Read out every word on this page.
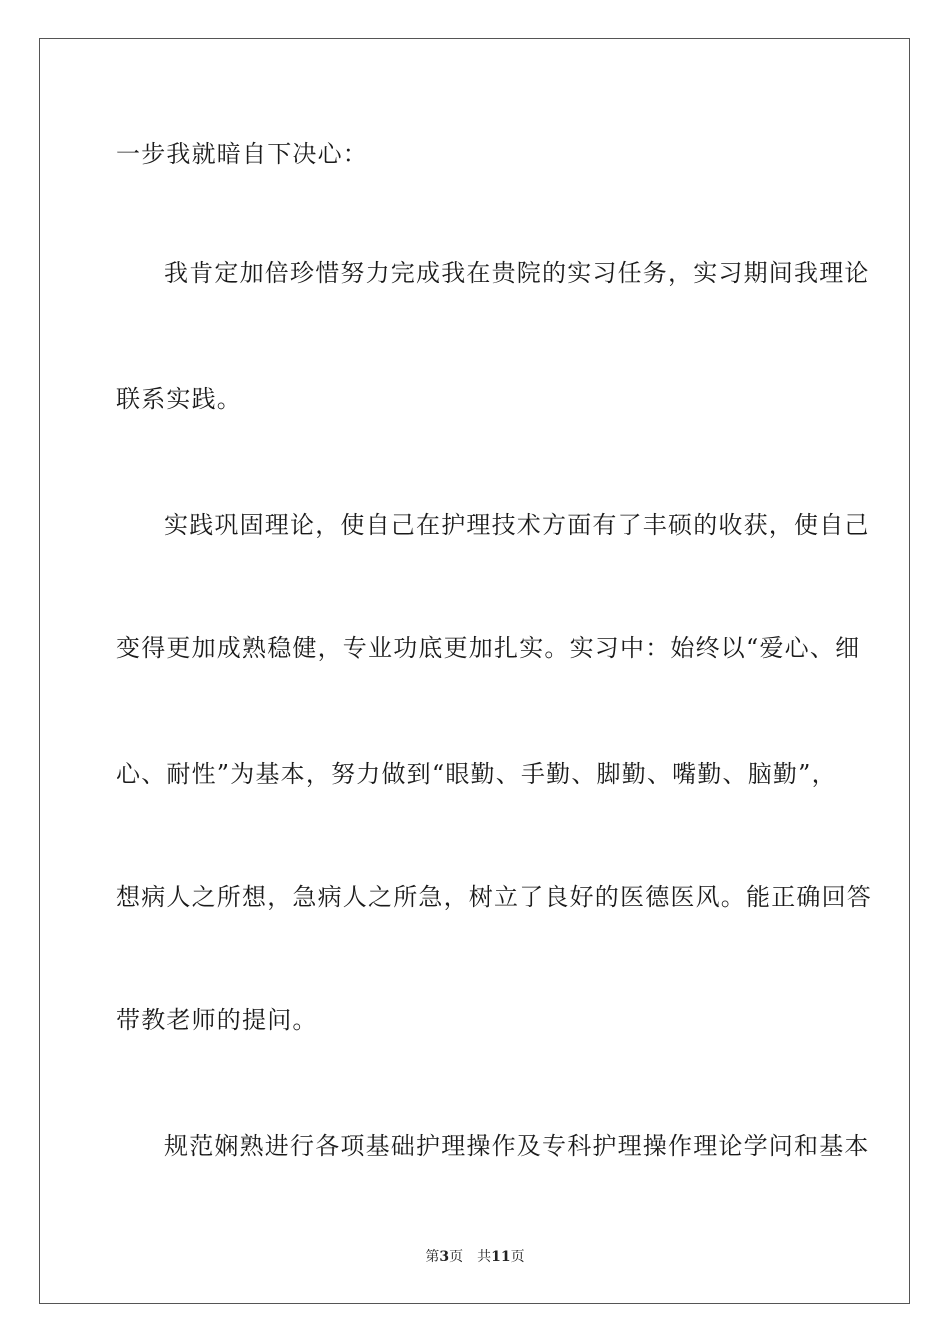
一步我就暗自下决心：
我肯定加倍珍惜努力完成我在贵院的实习任务，实习期间我理论
联系实践。
实践巩固理论，使自己在护理技术方面有了丰硕的收获，使自己
变得更加成熟稳健，专业功底更加扎实。实习中：始终以“爱心、细
心、耐性”为基本，努力做到“眼勤、手勤、脚勤、嘴勤、脑勤”，
想病人之所想，急病人之所急，树立了良好的医德医风。能正确回答
带教老师的提问。
规范娴熟进行各项基础护理操作及专科护理操作理论学问和基本
第3页 共11页
